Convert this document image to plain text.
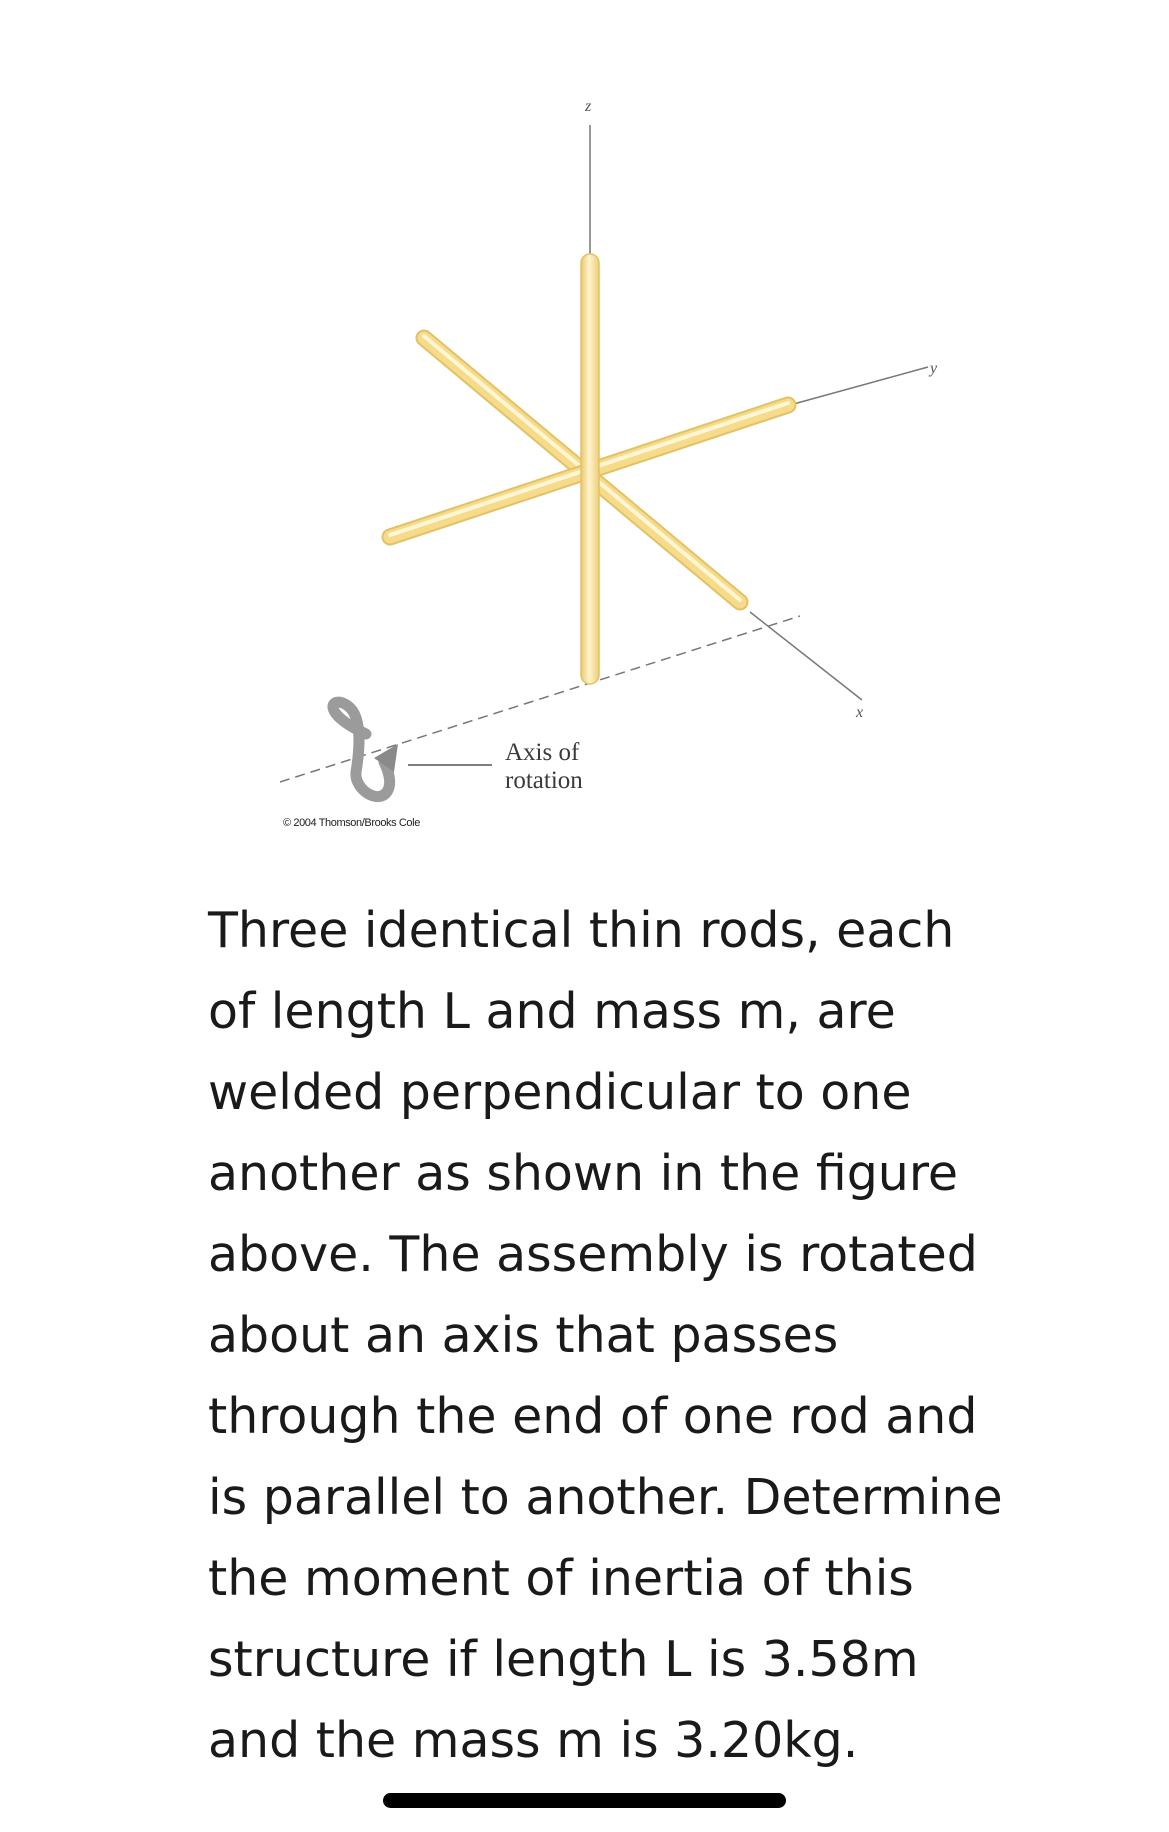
z
y
x
Axis of
rotation
© 2004 Thomson/Brooks Cole

Three identical thin rods, each
of length L and mass m, are
welded perpendicular to one
another as shown in the figure
above. The assembly is rotated
about an axis that passes
through the end of one rod and
is parallel to another. Determine
the moment of inertia of this
structure if length L is 3.58m
and the mass m is 3.20kg.
